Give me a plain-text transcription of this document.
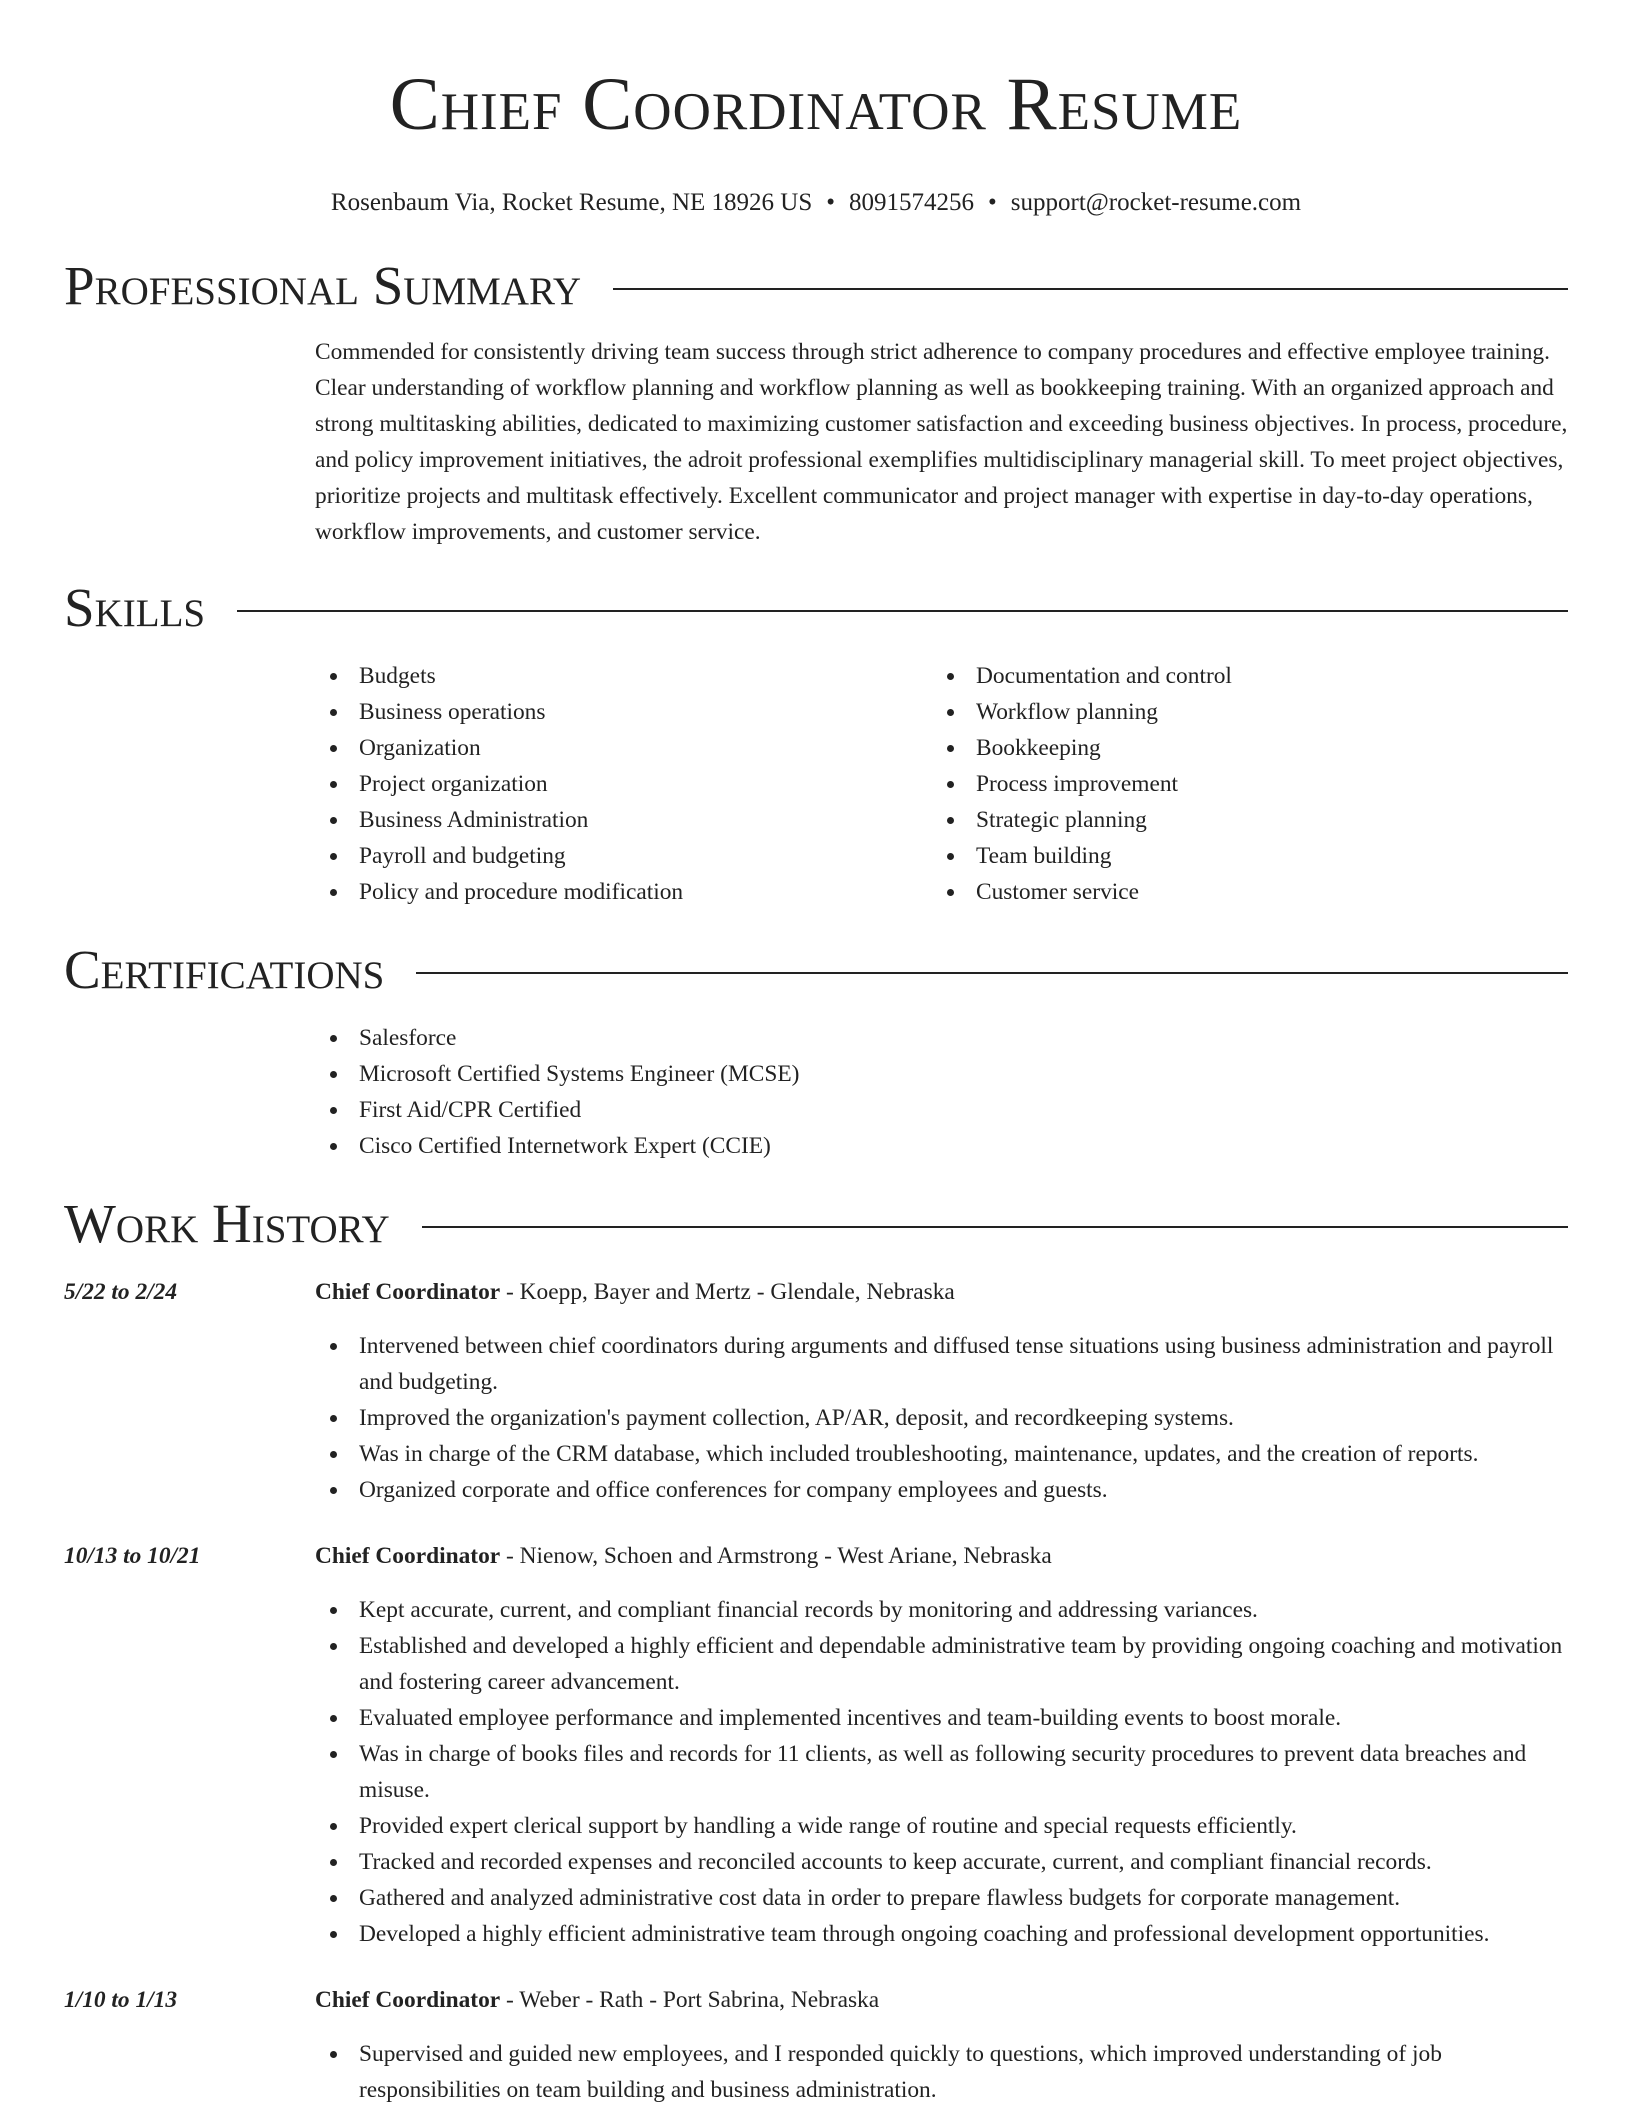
Chief Coordinator Resume
Rosenbaum Via, Rocket Resume, NE 18926 US • 8091574256 • support@rocket-resume.com
Professional Summary
Commended for consistently driving team success through strict adherence to company procedures and effective employee training. Clear understanding of workflow planning and workflow planning as well as bookkeeping training. With an organized approach and strong multitasking abilities, dedicated to maximizing customer satisfaction and exceeding business objectives. In process, procedure, and policy improvement initiatives, the adroit professional exemplifies multidisciplinary managerial skill. To meet project objectives, prioritize projects and multitask effectively. Excellent communicator and project manager with expertise in day-to-day operations, workflow improvements, and customer service.
Skills
Budgets
Business operations
Organization
Project organization
Business Administration
Payroll and budgeting
Policy and procedure modification
Documentation and control
Workflow planning
Bookkeeping
Process improvement
Strategic planning
Team building
Customer service
Certifications
Salesforce
Microsoft Certified Systems Engineer (MCSE)
First Aid/CPR Certified
Cisco Certified Internetwork Expert (CCIE)
Work History
5/22 to 2/24	Chief Coordinator - Koepp, Bayer and Mertz - Glendale, Nebraska
Intervened between chief coordinators during arguments and diffused tense situations using business administration and payroll and budgeting.
Improved the organization's payment collection, AP/AR, deposit, and recordkeeping systems.
Was in charge of the CRM database, which included troubleshooting, maintenance, updates, and the creation of reports.
Organized corporate and office conferences for company employees and guests.
10/13 to 10/21	Chief Coordinator - Nienow, Schoen and Armstrong - West Ariane, Nebraska
Kept accurate, current, and compliant financial records by monitoring and addressing variances.
Established and developed a highly efficient and dependable administrative team by providing ongoing coaching and motivation and fostering career advancement.
Evaluated employee performance and implemented incentives and team-building events to boost morale.
Was in charge of books files and records for 11 clients, as well as following security procedures to prevent data breaches and misuse.
Provided expert clerical support by handling a wide range of routine and special requests efficiently.
Tracked and recorded expenses and reconciled accounts to keep accurate, current, and compliant financial records.
Gathered and analyzed administrative cost data in order to prepare flawless budgets for corporate management.
Developed a highly efficient administrative team through ongoing coaching and professional development opportunities.
1/10 to 1/13	Chief Coordinator - Weber - Rath - Port Sabrina, Nebraska
Supervised and guided new employees, and I responded quickly to questions, which improved understanding of job responsibilities on team building and business administration.
